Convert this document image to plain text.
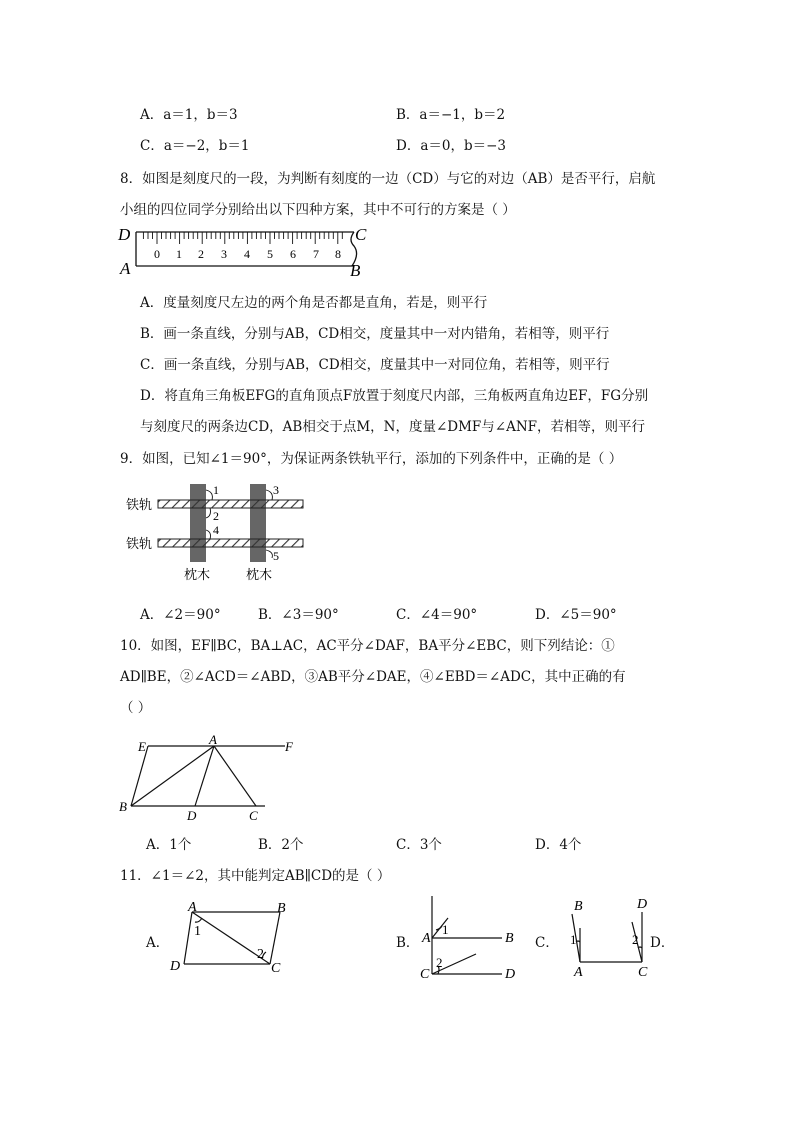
A．a＝1，b＝3	B．a＝−1，b＝2
C．a＝−2，b＝1	D．a＝0，b＝−3
8．如图是刻度尺的一段，为判断有刻度的一边（CD）与它的对边（AB）是否平行，启航
小组的四位同学分别给出以下四种方案，其中不可行的方案是（ ）
0 1 2 3 4 5 6 7 8
D	C
A	B
A．度量刻度尺左边的两个角是否都是直角，若是，则平行
B．画一条直线，分别与AB，CD相交，度量其中一对内错角，若相等，则平行
C．画一条直线，分别与AB，CD相交，度量其中一对同位角，若相等，则平行
D．将直角三角板EFG的直角顶点F放置于刻度尺内部，三角板两直角边EF，FG分别
与刻度尺的两条边CD，AB相交于点M，N，度量∠DMF与∠ANF，若相等，则平行
9．如图，已知∠1＝90°，为保证两条铁轨平行，添加的下列条件中，正确的是（ ）
1
2
3
4
5
铁轨
铁轨
枕木	枕木
A．∠2＝90°	B．∠3＝90°	C．∠4＝90°	D．∠5＝90°
10．如图，EF∥BC，BA⊥AC，AC平分∠DAF，BA平分∠EBC，则下列结论：①
AD∥BE，②∠ACD＝∠ABD，③AB平分∠DAE，④∠EBD＝∠ADC，其中正确的有
（ ）
E	A	F
B
D	C
A．1个	B．2个	C．3个	D．4个
11．∠1＝∠2，其中能判定AB∥CD的是（ ）
A．
A	B
D	C
1
2
B． A	B
C	D
1
2
C．
B	D
A	C
1	2 D．
